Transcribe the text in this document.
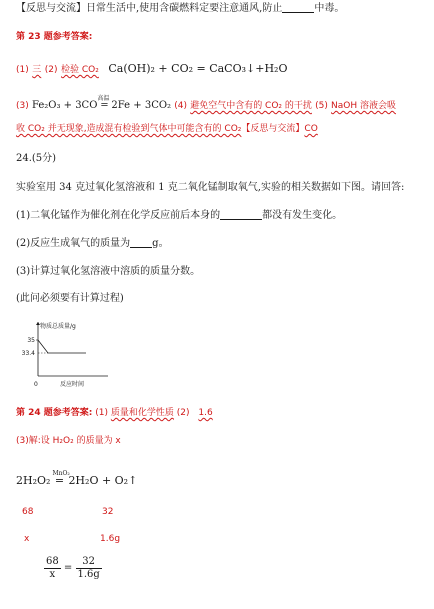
【反思与交流】日常生活中,使用含碳燃料定要注意通风,防止	中毒。
第 23 题参考答案:
(1) 三 (2) 检验 CO₂ Ca(OH)₂ + CO₂ = CaCO₃↓+H₂O
(3) Fe₂O₃ + 3CO
高温
= 2Fe + 3CO₂ (4) 避免空气中含有的 CO₂ 的干扰 (5) NaOH 溶液会吸
收 CO₂ 并无现象,造成混有检验到气体中可能含有的 CO₂【反思与交流】CO
24.(5分)
实验室用 34 克过氧化氢溶液和 1 克二氧化锰制取氧气,实验的相关数据如下图。请回答:
(1)二氧化锰作为催化剂在化学反应前后本身的	都没有发生变化。
(2)反应生成氧气的质量为 g。
(3)计算过氧化氢溶液中溶质的质量分数。
(此问必须要有计算过程)
物质总质量/g
反应时间
0
35
33.4
第 24 题参考答案: (1) 质量和化学性质 (2) 1.6
(3)解:设 H₂O₂ 的质量为 x
2H₂O₂
MnO₂
= 2H₂O + O₂↑
68	32
x	1.6g
$\frac{68}{x} = \frac{32}{1.6g}$
